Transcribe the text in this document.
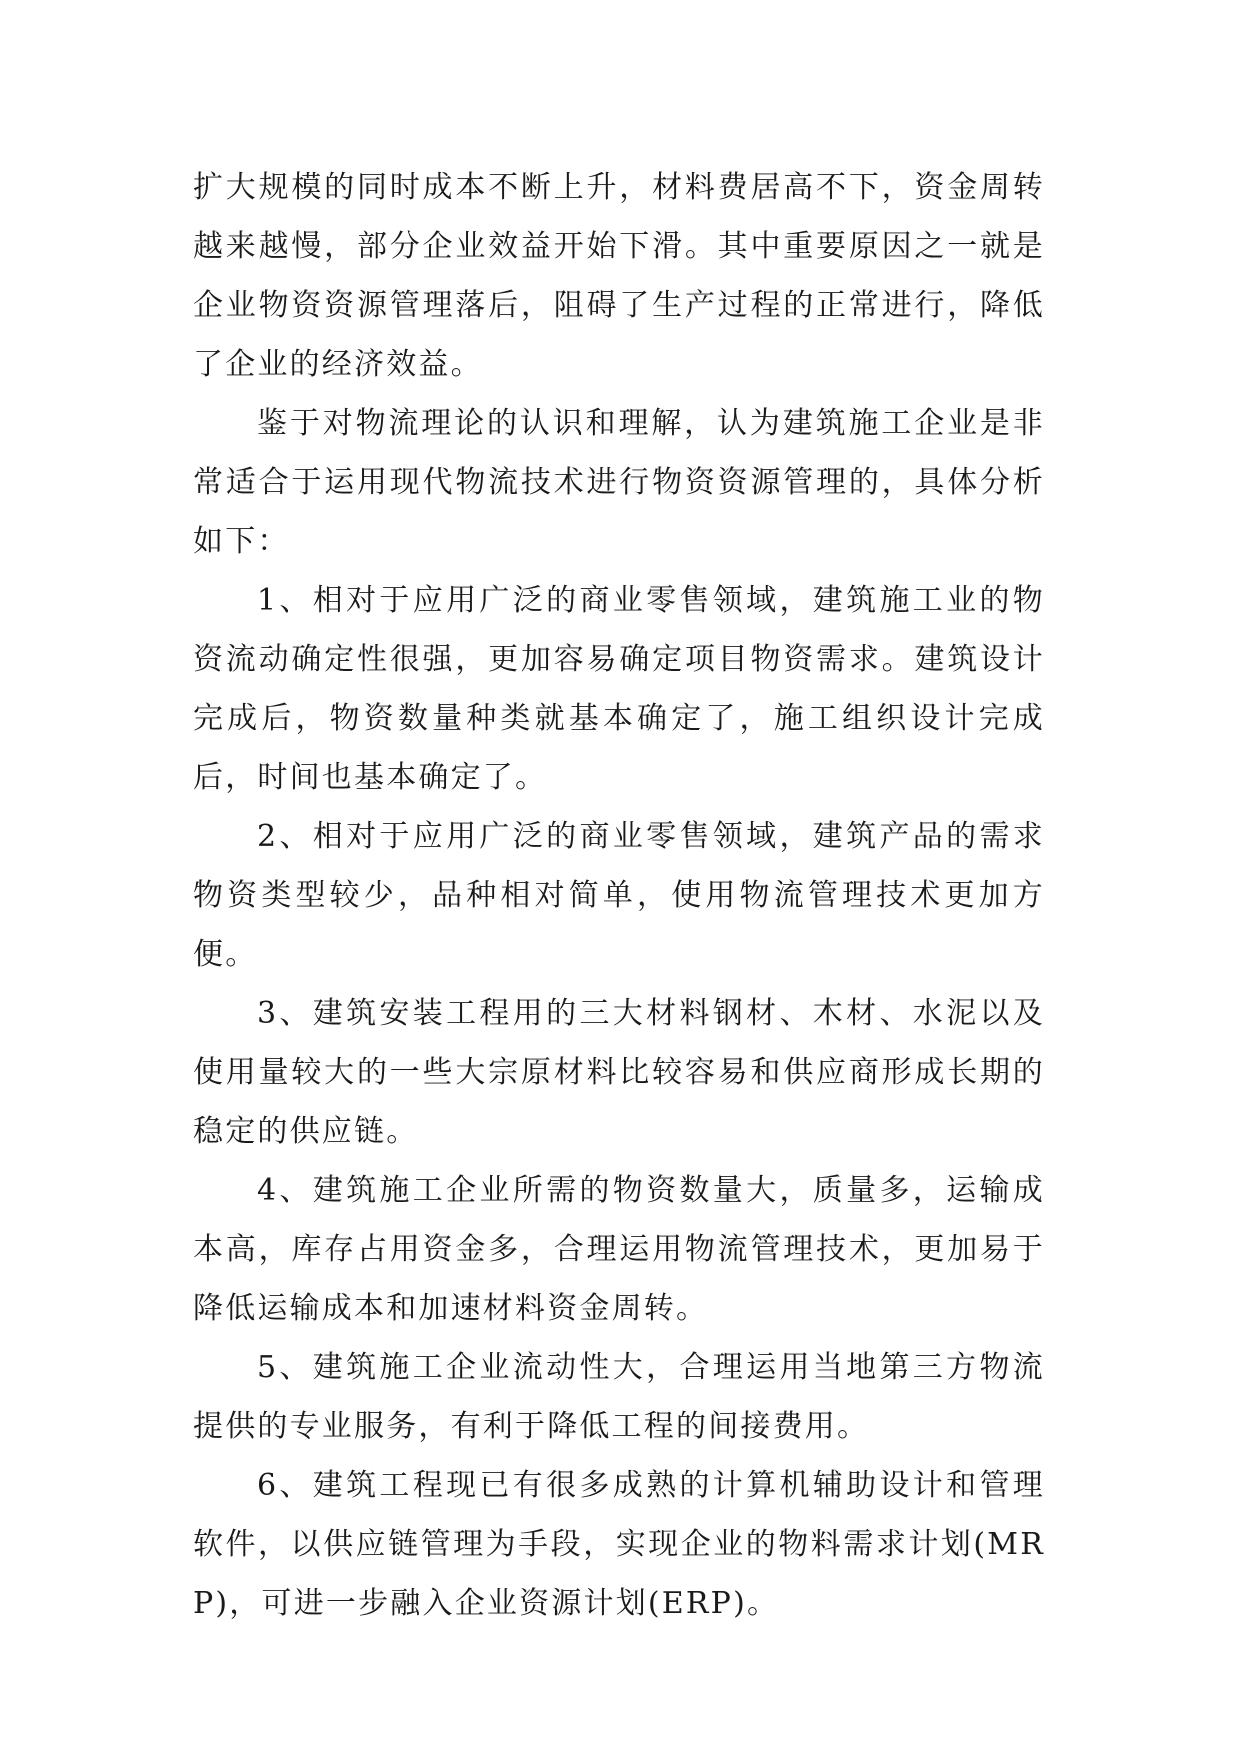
扩大规模的同时成本不断上升，材料费居高不下，资金周转越来越慢，部分企业效益开始下滑。其中重要原因之一就是企业物资资源管理落后，阻碍了生产过程的正常进行，降低了企业的经济效益。

鉴于对物流理论的认识和理解，认为建筑施工企业是非常适合于运用现代物流技术进行物资资源管理的，具体分析如下：

1、相对于应用广泛的商业零售领域，建筑施工业的物资流动确定性很强，更加容易确定项目物资需求。建筑设计完成后，物资数量种类就基本确定了，施工组织设计完成后，时间也基本确定了。

2、相对于应用广泛的商业零售领域，建筑产品的需求物资类型较少，品种相对简单，使用物流管理技术更加方便。

3、建筑安装工程用的三大材料钢材、木材、水泥以及使用量较大的一些大宗原材料比较容易和供应商形成长期的稳定的供应链。

4、建筑施工企业所需的物资数量大，质量多，运输成本高，库存占用资金多，合理运用物流管理技术，更加易于降低运输成本和加速材料资金周转。

5、建筑施工企业流动性大，合理运用当地第三方物流提供的专业服务，有利于降低工程的间接费用。

6、建筑工程现已有很多成熟的计算机辅助设计和管理软件，以供应链管理为手段，实现企业的物料需求计划(MRP)，可进一步融入企业资源计划(ERP)。
